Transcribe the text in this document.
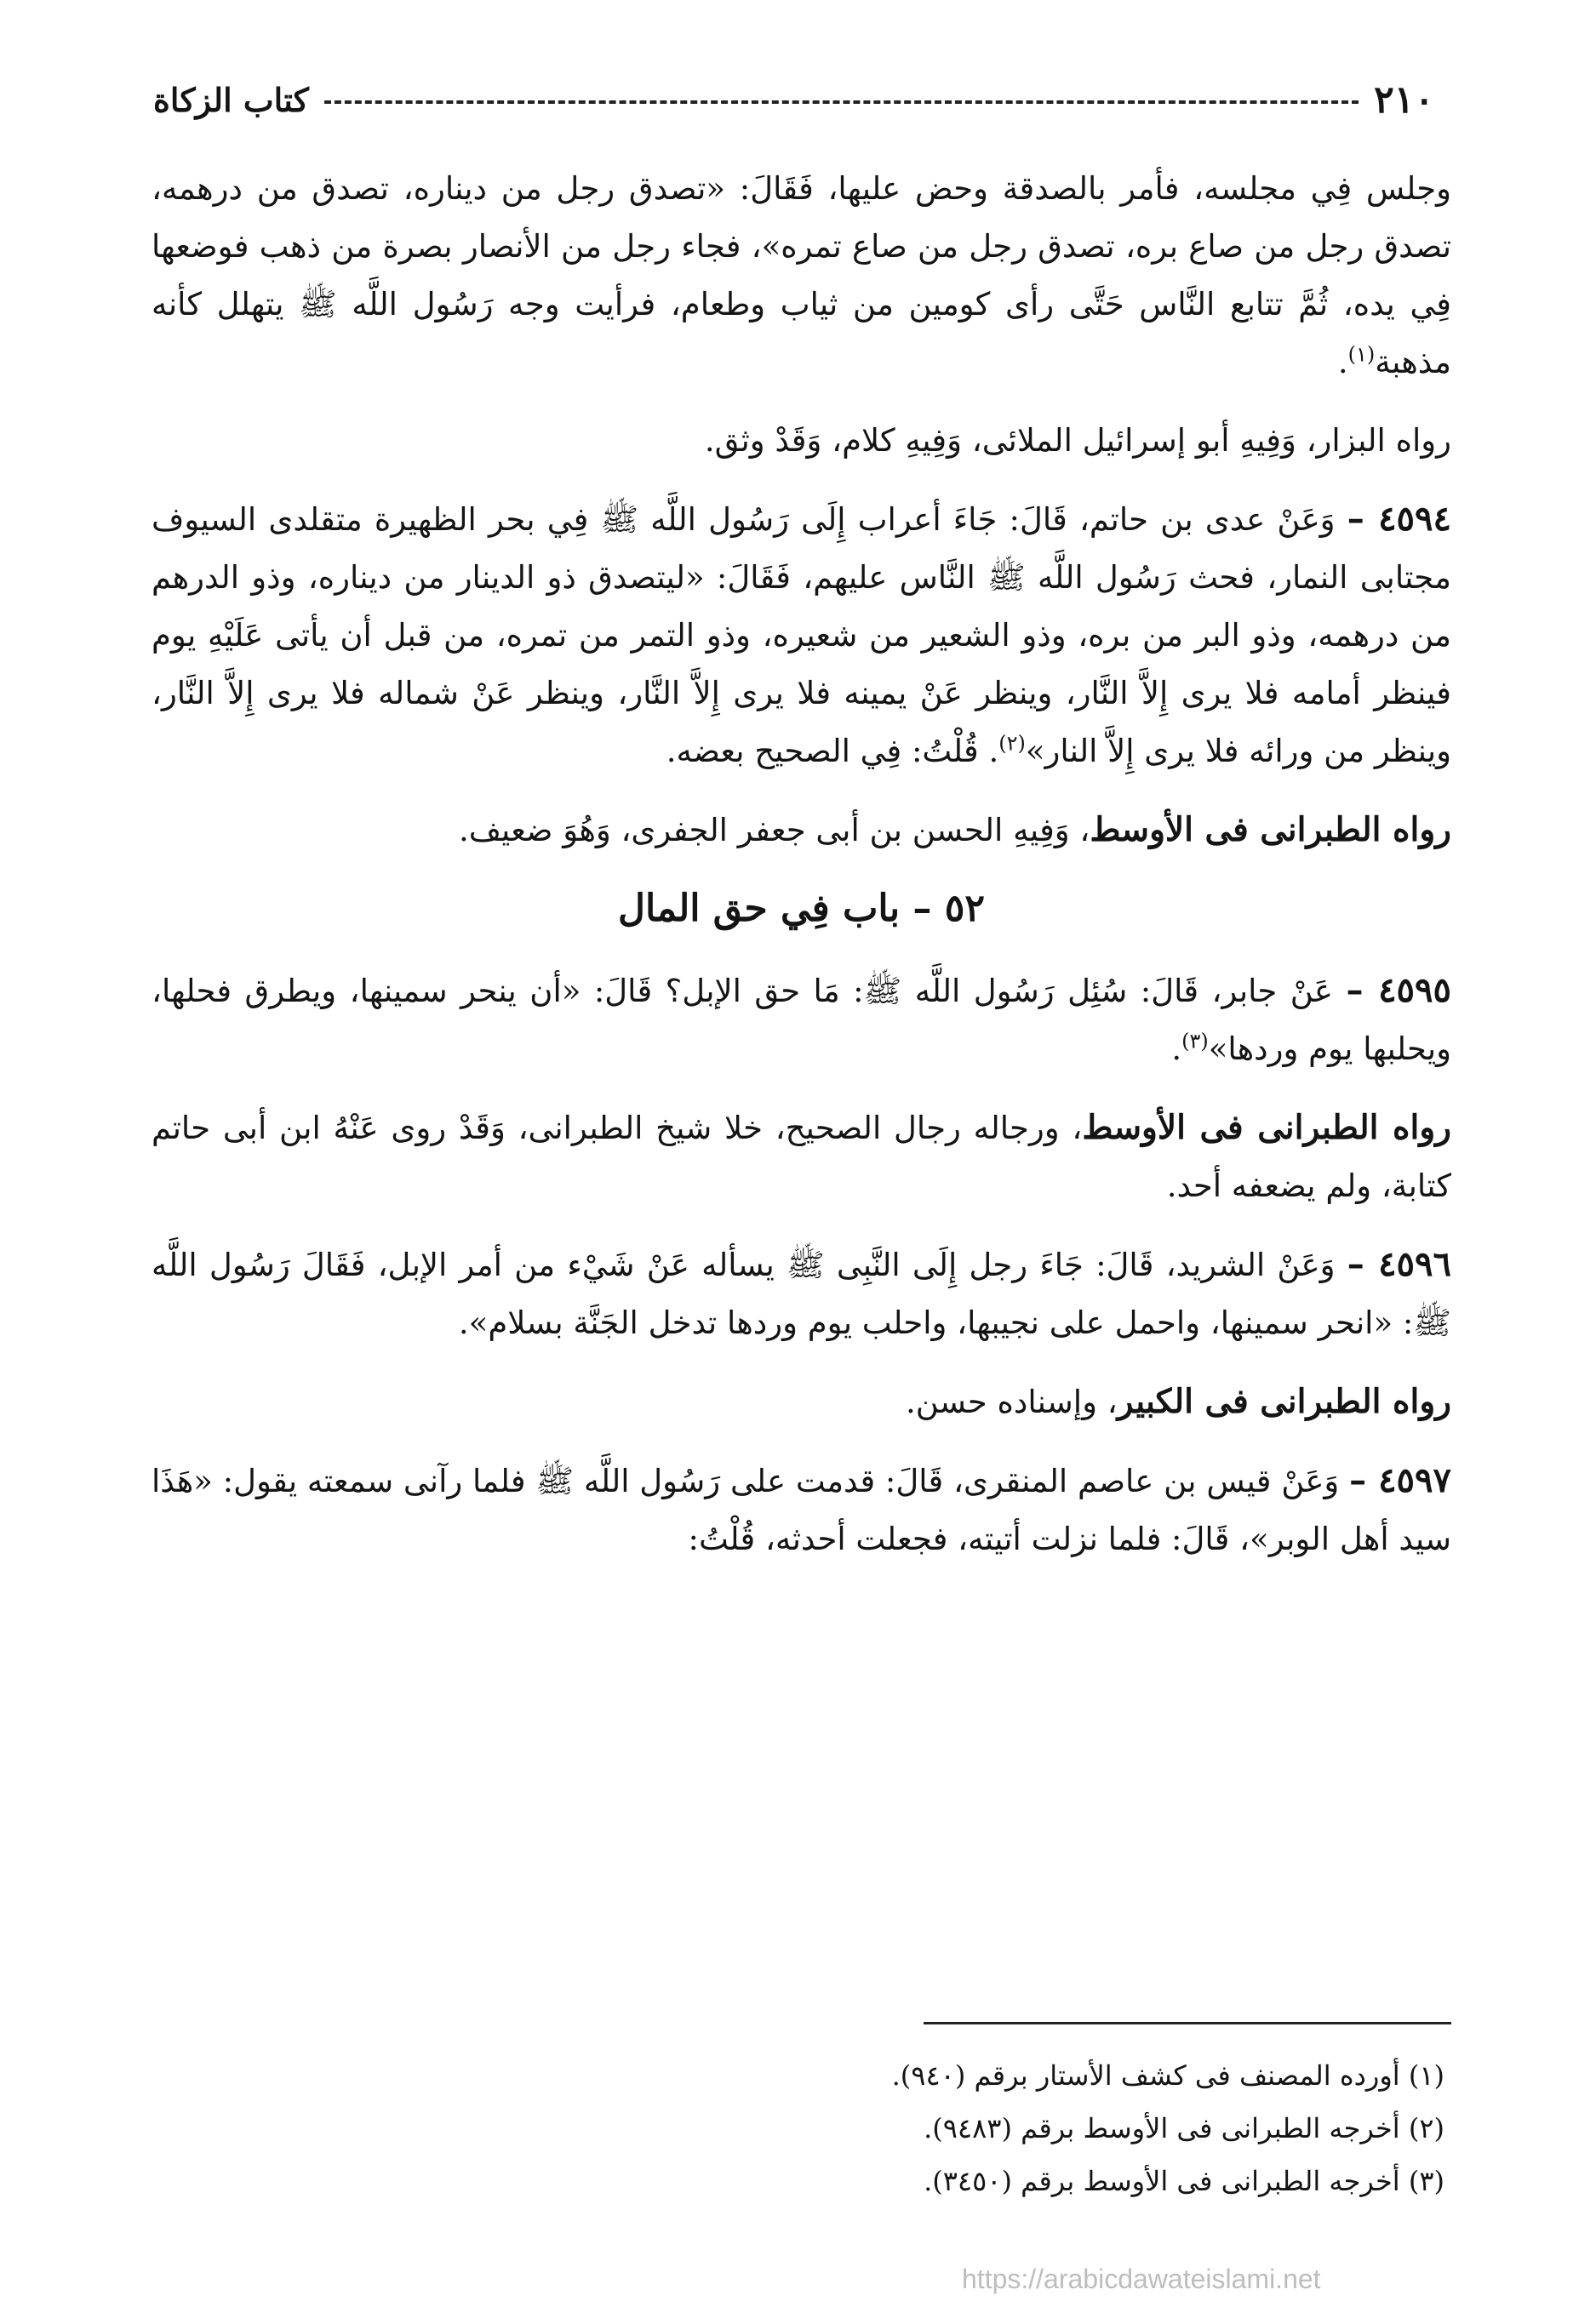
٢١٠
كتاب الزكاة

وجلس فِي مجلسه، فأمر بالصدقة وحض عليها، فَقَالَ: «تصدق رجل من ديناره، تصدق من درهمه، تصدق رجل من صاع بره، تصدق رجل من صاع تمره»، فجاء رجل من الأنصار بصرة من ذهب فوضعها فِي يده، ثُمَّ تتابع النَّاس حَتَّى رأى كومين من ثياب وطعام، فرأيت وجه رَسُول اللَّه ﷺ يتهلل كأنه مذهبة$^{(١)}$.

رواه البزار، وَفِيهِ أبو إسرائيل الملائى، وَفِيهِ كلام، وَقَدْ وثق.

٤٥٩٤ – وَعَنْ عدى بن حاتم، قَالَ: جَاءَ أعراب إِلَى رَسُول اللَّه ﷺ فِي بحر الظهيرة متقلدى السيوف مجتابى النمار، فحث رَسُول اللَّه ﷺ النَّاس عليهم، فَقَالَ: «ليتصدق ذو الدينار من ديناره، وذو الدرهم من درهمه، وذو البر من بره، وذو الشعير من شعيره، وذو التمر من تمره، من قبل أن يأتى عَلَيْهِ يوم فينظر أمامه فلا يرى إِلاَّ النَّار، وينظر عَنْ يمينه فلا يرى إِلاَّ النَّار، وينظر عَنْ شماله فلا يرى إِلاَّ النَّار، وينظر من ورائه فلا يرى إِلاَّ النار»$^{(٢)}$. قُلْتُ: فِي الصحيح بعضه.

رواه الطبرانى فى الأوسط، وَفِيهِ الحسن بن أبى جعفر الجفرى، وَهُوَ ضعيف.

٥٢ – باب فِي حق المال

٤٥٩٥ – عَنْ جابر، قَالَ: سُئِل رَسُول اللَّه ﷺ: مَا حق الإبل؟ قَالَ: «أن ينحر سمينها، ويطرق فحلها، ويحلبها يوم وردها»$^{(٣)}$.

رواه الطبرانى فى الأوسط، ورجاله رجال الصحيح، خلا شيخ الطبرانى، وَقَدْ روى عَنْهُ ابن أبى حاتم كتابة، ولم يضعفه أحد.

٤٥٩٦ – وَعَنْ الشريد، قَالَ: جَاءَ رجل إِلَى النَّبِى ﷺ يسأله عَنْ شَيْء من أمر الإبل، فَقَالَ رَسُول اللَّه ﷺ: «انحر سمينها، واحمل على نجيبها، واحلب يوم وردها تدخل الجَنَّة بسلام».

رواه الطبرانى فى الكبير، وإسناده حسن.

٤٥٩٧ – وَعَنْ قيس بن عاصم المنقرى، قَالَ: قدمت على رَسُول اللَّه ﷺ فلما رآنى سمعته يقول: «هَذَا سيد أهل الوبر»، قَالَ: فلما نزلت أتيته، فجعلت أحدثه، قُلْتُ:

(١) أورده المصنف فى كشف الأستار برقم (٩٤٠).
(٢) أخرجه الطبرانى فى الأوسط برقم (٩٤٨٣).
(٣) أخرجه الطبرانى فى الأوسط برقم (٣٤٥٠).
https://arabicdawateislami.net
